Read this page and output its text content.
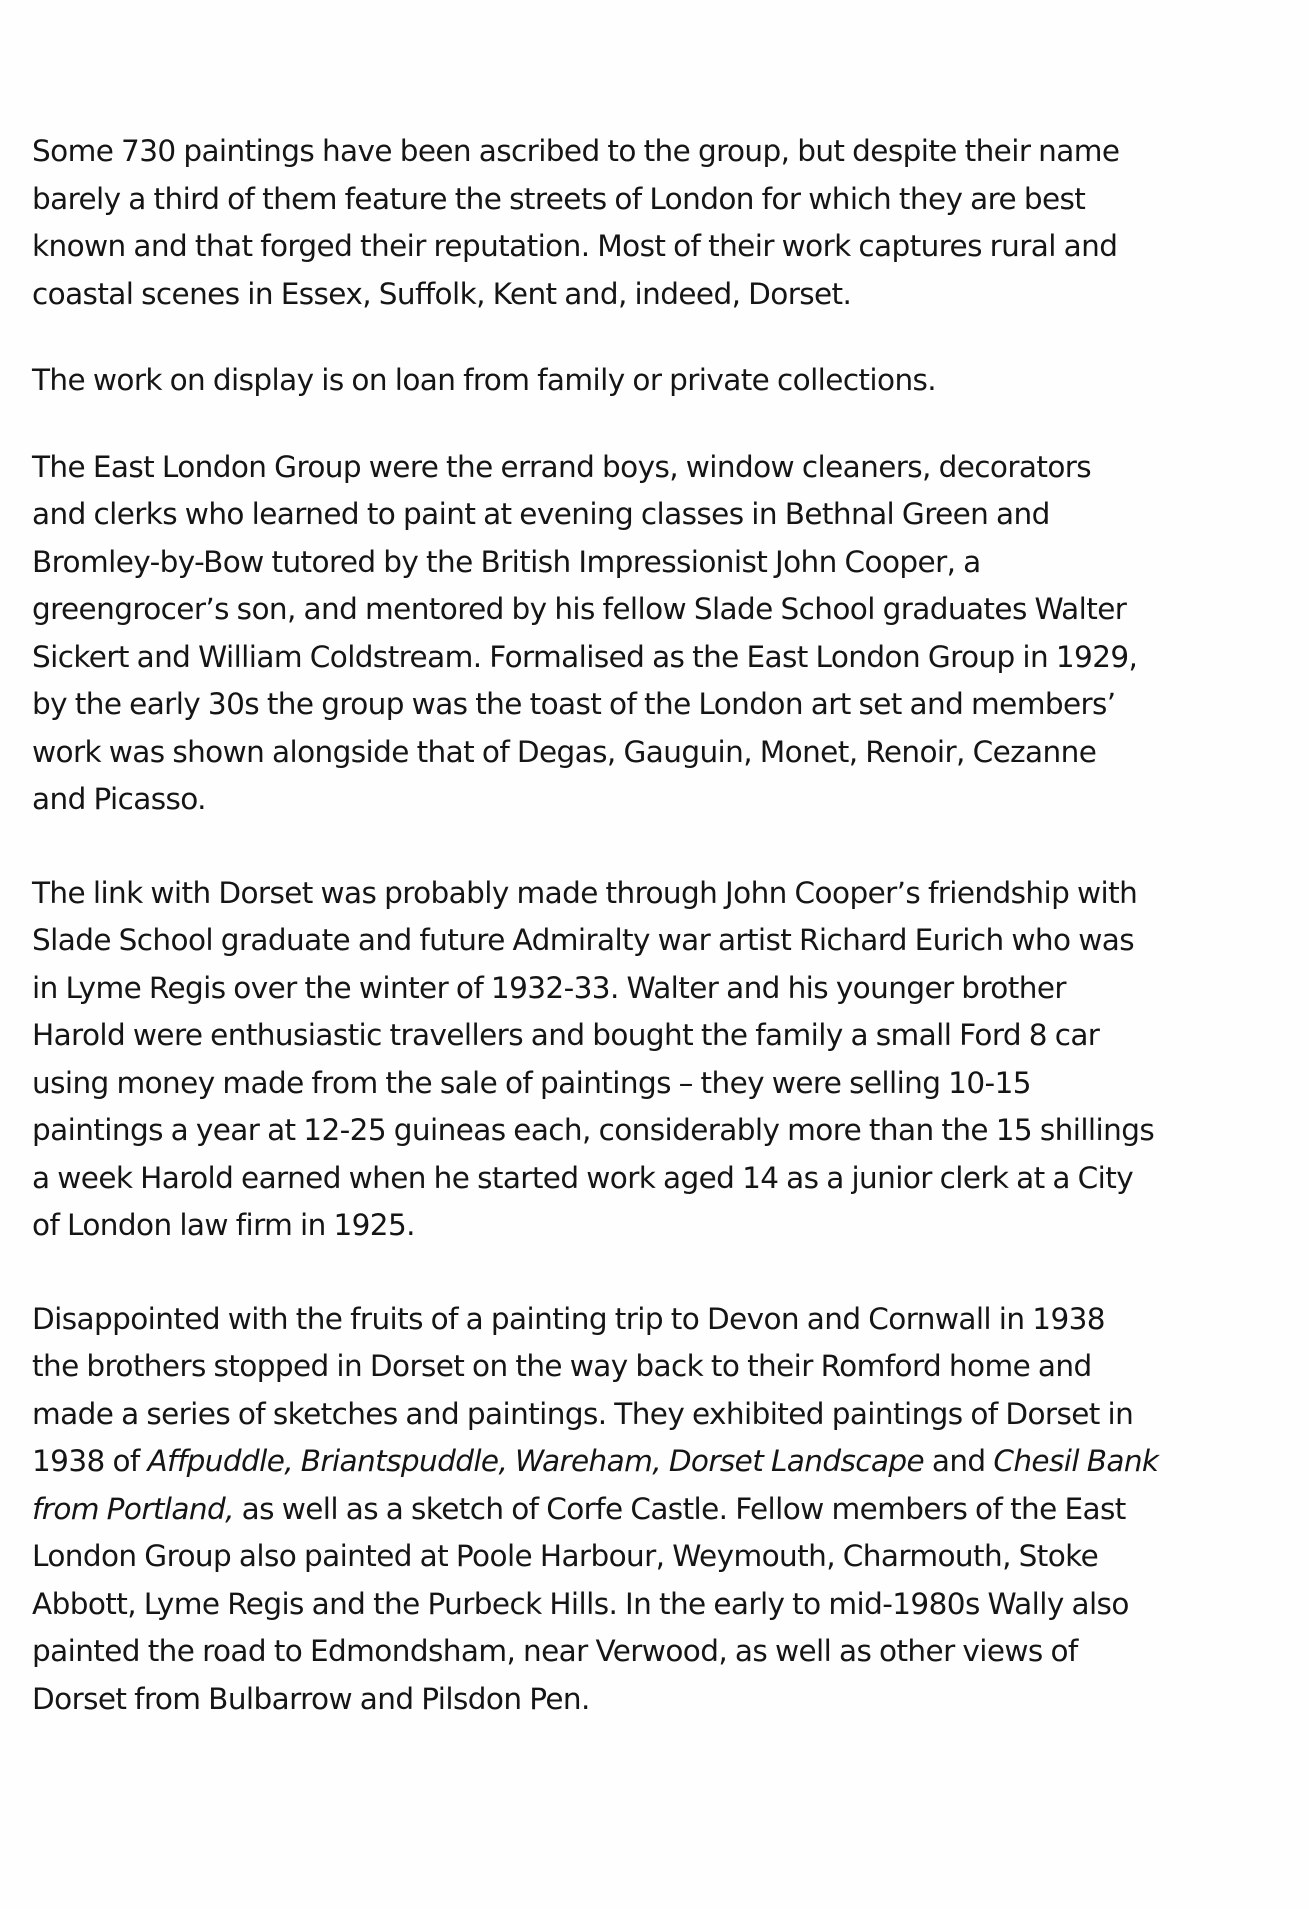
Some 730 paintings have been ascribed to the group, but despite their name
barely a third of them feature the streets of London for which they are best
known and that forged their reputation. Most of their work captures rural and
coastal scenes in Essex, Suffolk, Kent and, indeed, Dorset.

The work on display is on loan from family or private collections.

The East London Group were the errand boys, window cleaners, decorators
and clerks who learned to paint at evening classes in Bethnal Green and
Bromley-by-Bow tutored by the British Impressionist John Cooper, a
greengrocer’s son, and mentored by his fellow Slade School graduates Walter
Sickert and William Coldstream. Formalised as the East London Group in 1929,
by the early 30s the group was the toast of the London art set and members’
work was shown alongside that of Degas, Gauguin, Monet, Renoir, Cezanne
and Picasso.

The link with Dorset was probably made through John Cooper’s friendship with
Slade School graduate and future Admiralty war artist Richard Eurich who was
in Lyme Regis over the winter of 1932-33. Walter and his younger brother
Harold were enthusiastic travellers and bought the family a small Ford 8 car
using money made from the sale of paintings – they were selling 10-15
paintings a year at 12-25 guineas each, considerably more than the 15 shillings
a week Harold earned when he started work aged 14 as a junior clerk at a City
of London law firm in 1925.

Disappointed with the fruits of a painting trip to Devon and Cornwall in 1938
the brothers stopped in Dorset on the way back to their Romford home and
made a series of sketches and paintings. They exhibited paintings of Dorset in
1938 of Affpuddle, Briantspuddle, Wareham, Dorset Landscape and Chesil Bank
from Portland, as well as a sketch of Corfe Castle. Fellow members of the East
London Group also painted at Poole Harbour, Weymouth, Charmouth, Stoke
Abbott, Lyme Regis and the Purbeck Hills. In the early to mid-1980s Wally also
painted the road to Edmondsham, near Verwood, as well as other views of
Dorset from Bulbarrow and Pilsdon Pen.
